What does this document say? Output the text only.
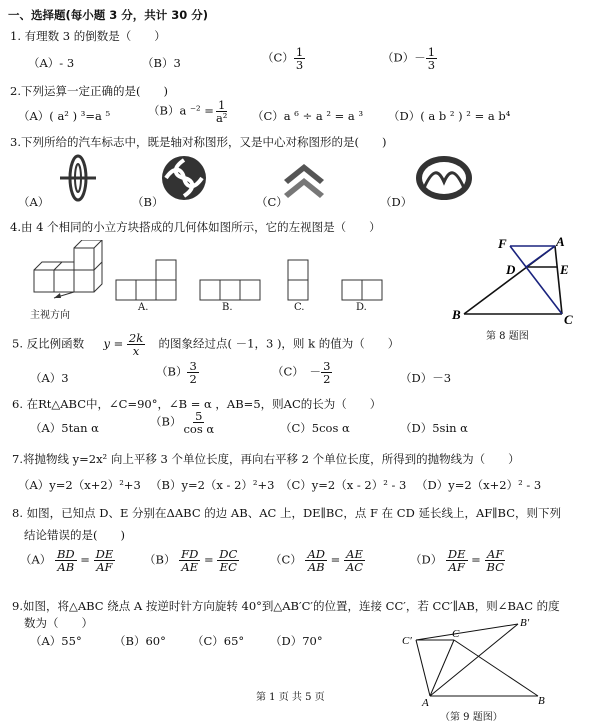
一、选择题(每小题 3 分，共计 30 分)
1. 有理数 3 的倒数是（　　）
（A）- 3	（B）3	$(C) \frac{1}{3}$	$(D)- \frac{1}{3}$
2.下列运算一定正确的是(　　)
（A）( a² ) ³=a ⁵	（B）a $^{-2} = \frac{1}{\text{a²}} (C)a$ ⁶ ÷ a ² = a ³ （D）( a b ² ) ² = a b⁴
3.下列所给的汽车标志中，既是轴对称图形，又是中心对称图形的是(　　)
（A）	（B）	（C）	（D）
4.由 4 个相同的小立方块搭成的几何体如图所示，它的左视图是（　　）
主视方向
A.	B.	C.	D.
F	A
D	E
B	C
第 8 题图
5. 反比例函数 $y = \frac{2k}{x}$ 的图象经过点( －1，3 )，则 k 的值为（　　）
（A）3	$(B) \frac{3}{2}$	（C）　－ $\frac{3}{2}$	（D）－3
6. 在Rt△ABC中，∠C=90°，∠B = α ，AB=5，则AC的长为（　　）
（A）5tan α	$(B) \frac{5}{\text{cos α}}$	（C）5cos α	（D）5sin α
7.将抛物线 y=2x² 向上平移 3 个单位长度，再向右平移 2 个单位长度，所得到的抛物线为（　　）
（A）y=2（x+2）²+3 （B）y=2（x - 2）²+3 （C）y=2（x - 2）² - 3 （D）y=2（x+2）² - 3
8. 如图，已知点 D、E 分别在ΔABC 的边 AB、AC 上，DE∥BC，点 F 在 CD 延长线上，AF∥BC，则下列
结论错误的是(　　)
$(A) \frac{BD}{AB} = \frac{DE}{AF}$	$(B) \frac{FD}{AE} = \frac{DC}{EC}$	$(C) \frac{AD}{AB} = \frac{AE}{AC}$	$(D) \frac{DE}{AF} = \frac{AF}{BC}$
9.如图，将△ABC 绕点 A 按逆时针方向旋转 40°到△AB′C′的位置，连接 CC′，若 CC′∥AB，则∠BAC 的度
数为（　　）
（A）55°	（B）60° （C）65° （D）70°	C′
C
B′
A	B
（第 9 题图）
第 1 页 共 5 页
